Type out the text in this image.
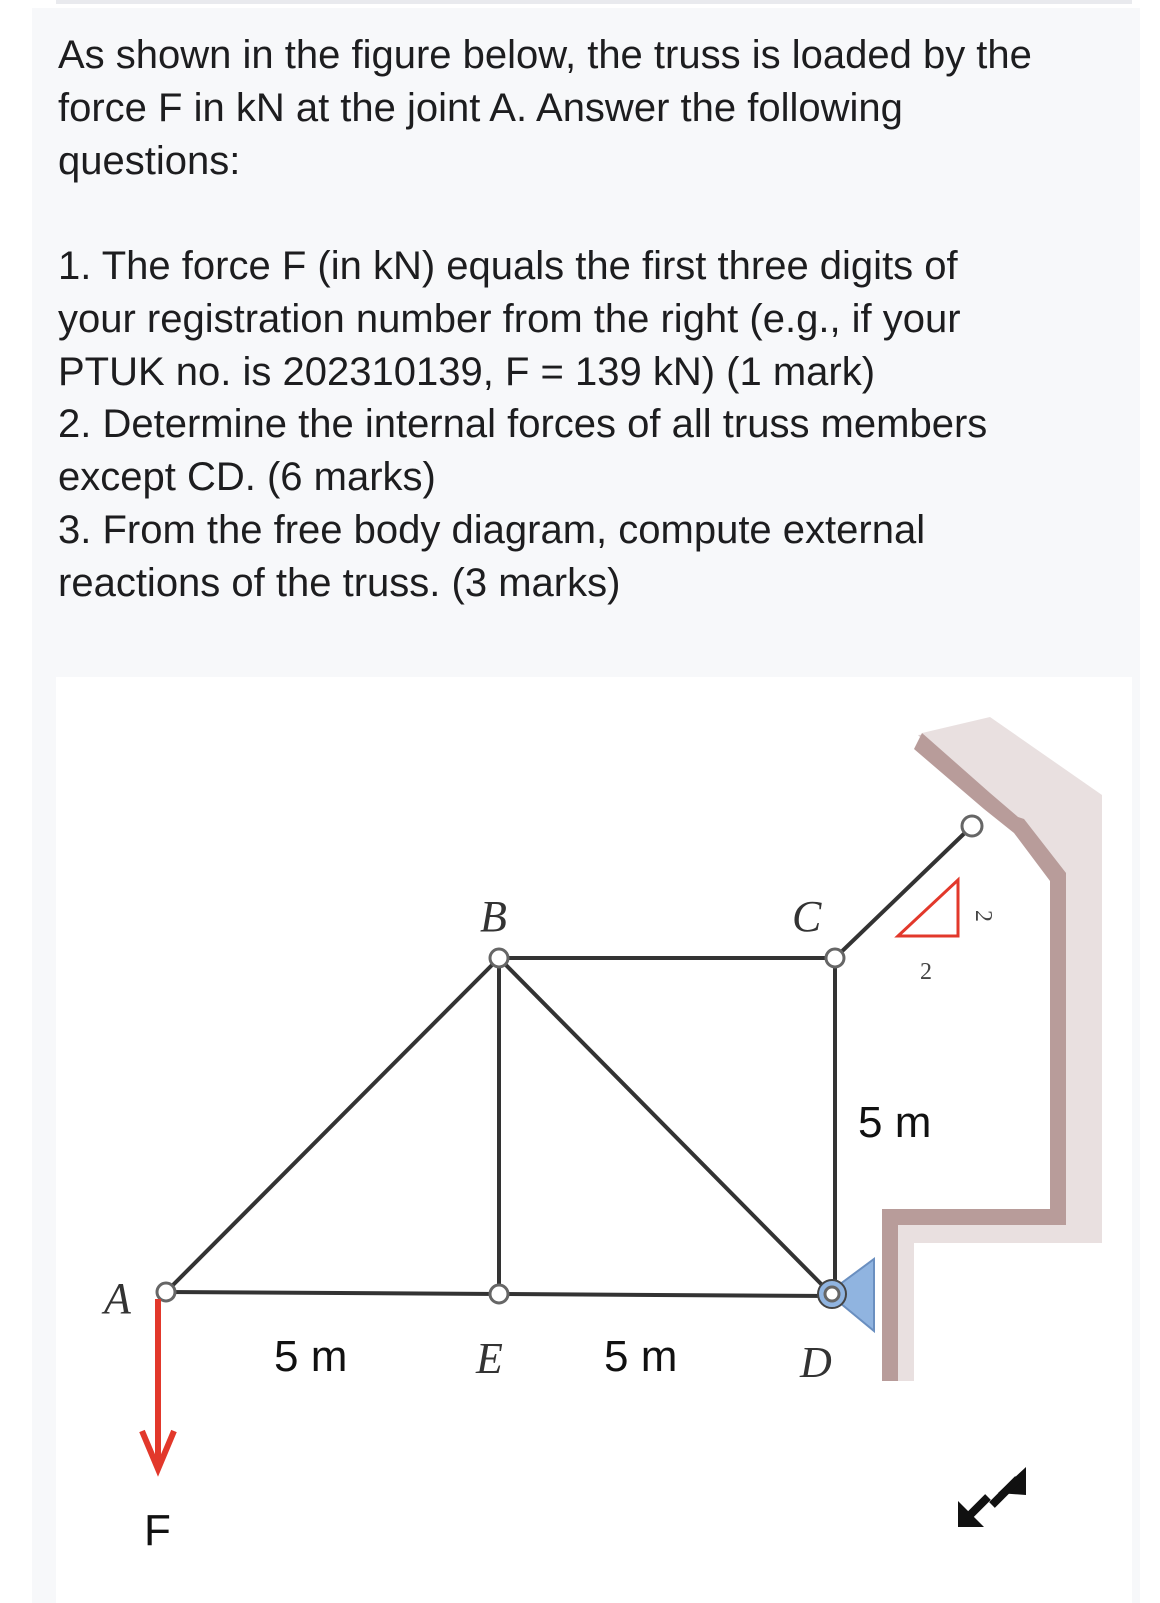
As shown in the figure below, the truss is loaded by the
force F in kN at the joint A. Answer the following
questions:

1. The force F (in kN) equals the first three digits of
your registration number from the right (e.g., if your
PTUK no. is 202310139, F = 139 kN) (1 mark)

2. Determine the internal forces of all truss members
except CD. (6 marks)

3. From the free body diagram, compute external
reactions of the truss. (3 marks)

2
2
A
B	C
E	D
5 m	5 m
5 m
F
